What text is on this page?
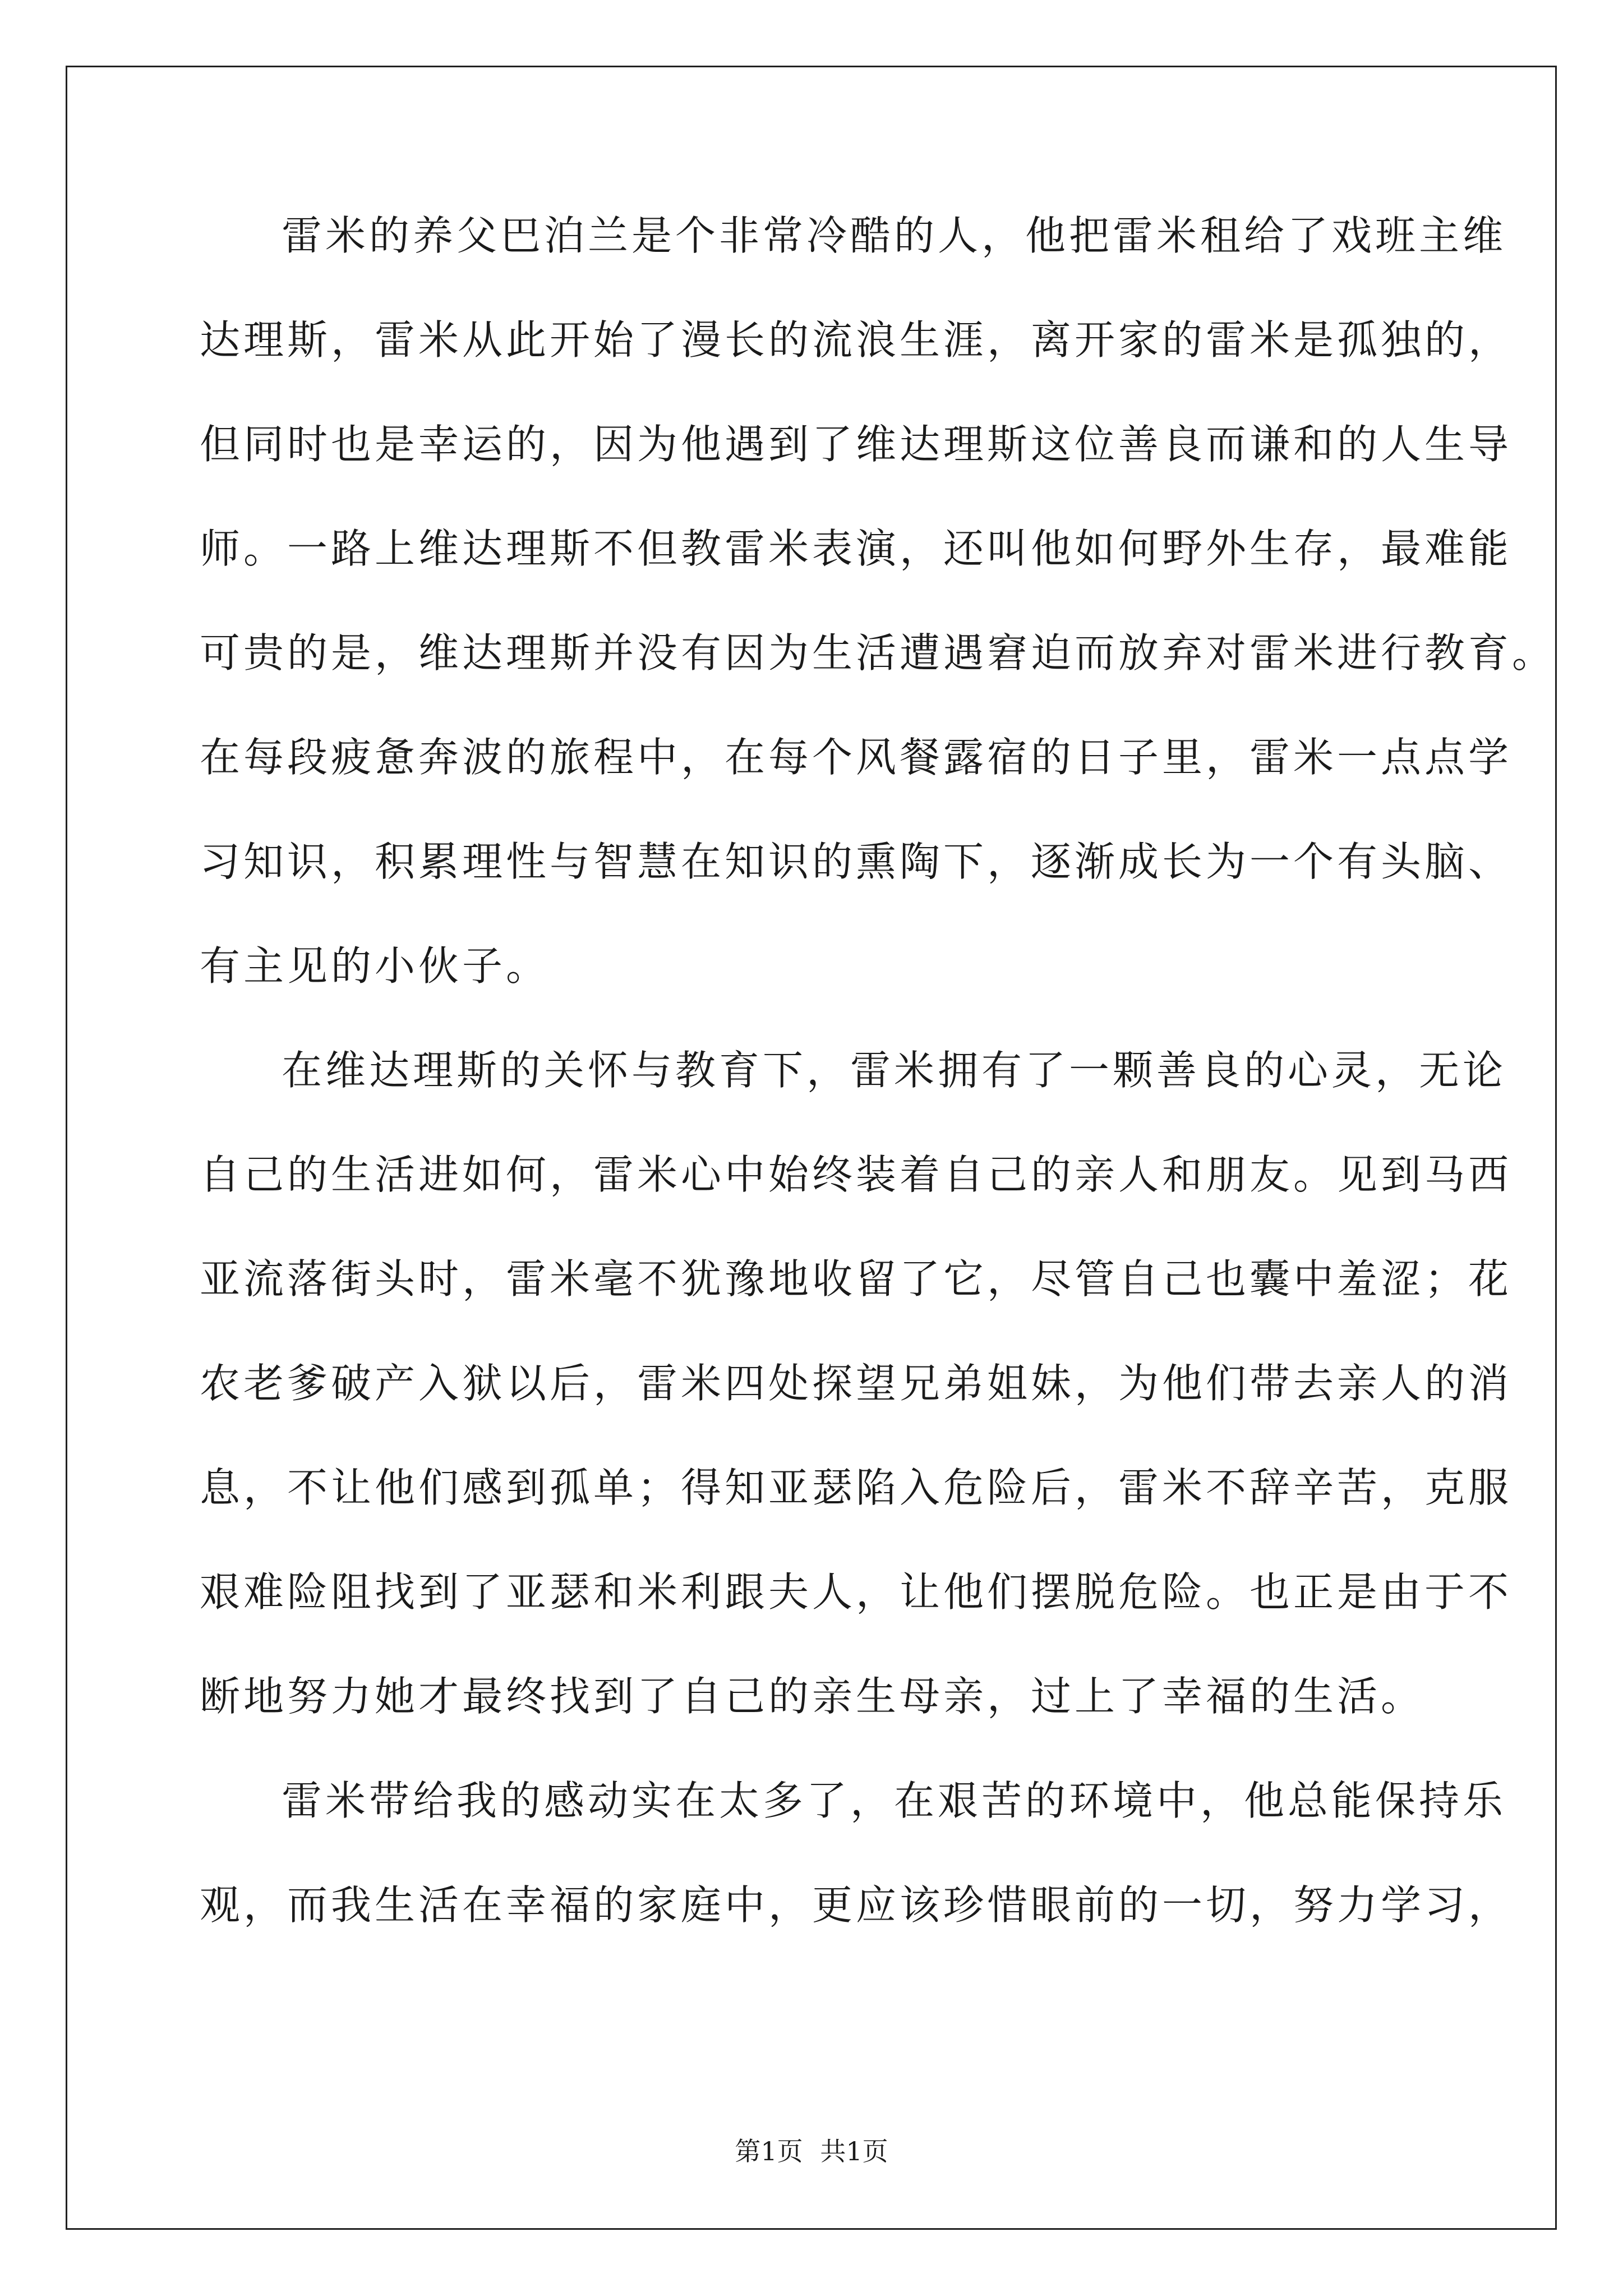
雷米的养父巴泊兰是个非常冷酷的人，他把雷米租给了戏班主维
达理斯，雷米从此开始了漫长的流浪生涯，离开家的雷米是孤独的，
但同时也是幸运的，因为他遇到了维达理斯这位善良而谦和的人生导
师。一路上维达理斯不但教雷米表演，还叫他如何野外生存，最难能
可贵的是，维达理斯并没有因为生活遭遇窘迫而放弃对雷米进行教育。
在每段疲惫奔波的旅程中，在每个风餐露宿的日子里，雷米一点点学
习知识，积累理性与智慧在知识的熏陶下，逐渐成长为一个有头脑、
有主见的小伙子。
在维达理斯的关怀与教育下，雷米拥有了一颗善良的心灵，无论
自己的生活进如何，雷米心中始终装着自己的亲人和朋友。见到马西
亚流落街头时，雷米毫不犹豫地收留了它，尽管自己也囊中羞涩；花
农老爹破产入狱以后，雷米四处探望兄弟姐妹，为他们带去亲人的消
息，不让他们感到孤单；得知亚瑟陷入危险后，雷米不辞辛苦，克服
艰难险阻找到了亚瑟和米利跟夫人，让他们摆脱危险。也正是由于不
断地努力她才最终找到了自己的亲生母亲，过上了幸福的生活。
雷米带给我的感动实在太多了，在艰苦的环境中，他总能保持乐
观，而我生活在幸福的家庭中，更应该珍惜眼前的一切，努力学习，
第1页 共1页
